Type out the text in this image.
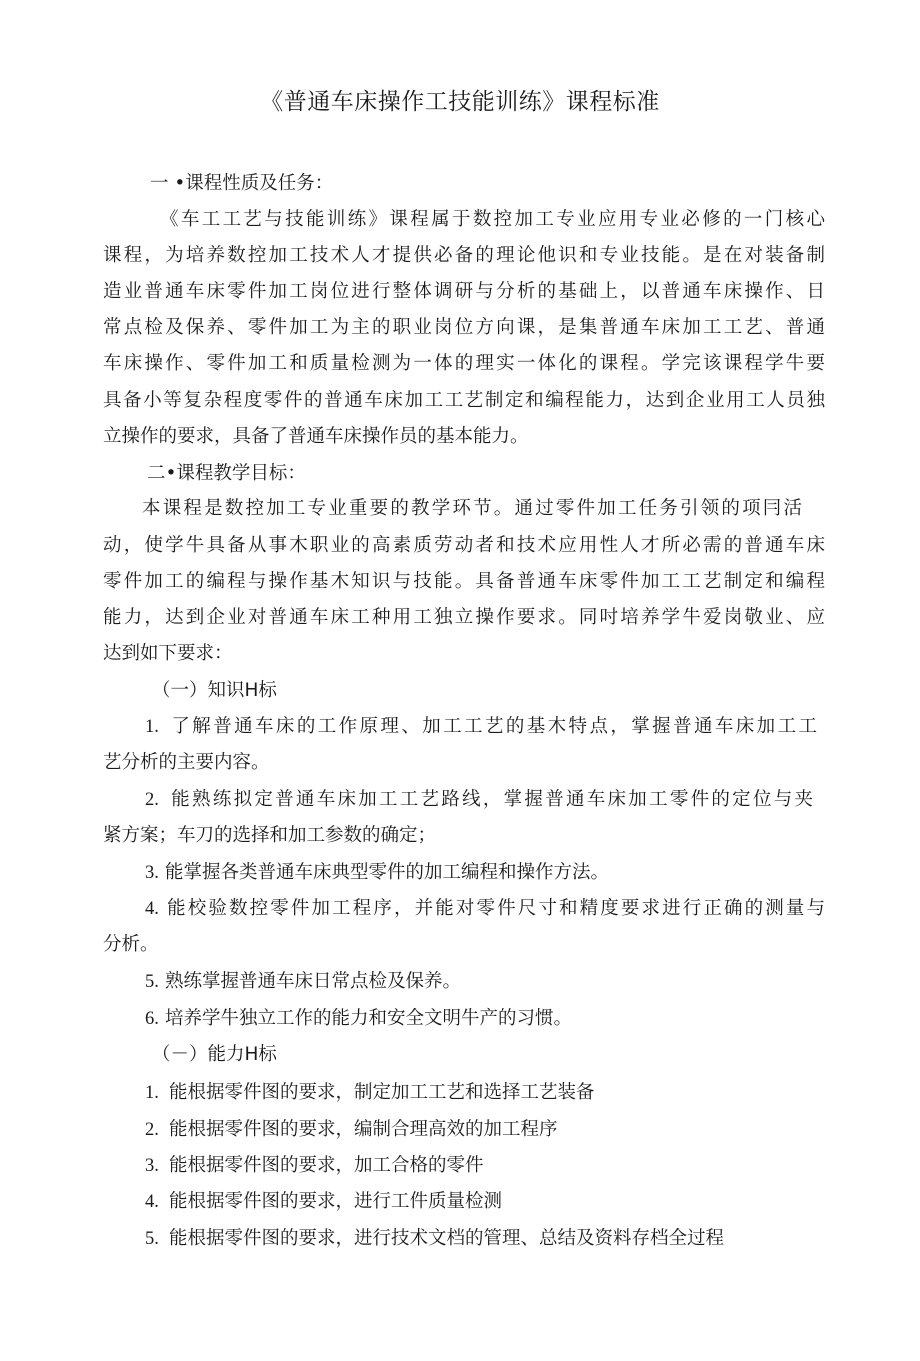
《普通车床操作工技能训练》课程标准
一 •课程性质及任务：
《车工工艺与技能训练》课程属于数控加工专业应用专业必修的一门核心
课程，为培养数控加工技术人才提供必备的理论他识和专业技能。是在对装备制
造业普通车床零件加工岗位进行整体调研与分析的基础上，以普通车床操作、日
常点检及保养、零件加工为主的职业岗位方向课，是集普通车床加工工艺、普通
车床操作、零件加工和质量检测为一体的理实一体化的课程。学完该课程学牛要
具备小等复杂程度零件的普通车床加工工艺制定和编程能力，达到企业用工人员独
立操作的要求，具备了普通车床操作员的基本能力。
二•课程教学目标：
本课程是数控加工专业重要的教学环节。通过零件加工任务引领的项冃活
动，使学牛具备从事木职业的高素质劳动者和技术应用性人才所必需的普通车床
零件加工的编程与操作基木知识与技能。具备普通车床零件加工工艺制定和编程
能力，达到企业对普通车床工种用工独立操作要求。同吋培养学牛爱岗敬业、应
达到如下要求：
（一）知识H标
1. 了解普通车床的工作原理、加工工艺的基木特点，掌握普通车床加工工
艺分析的主要内容。
2. 能熟练拟定普通车床加工工艺路线，掌握普通车床加工零件的定位与夹
紧方案；车刀的选择和加工参数的确定；
3. 能掌握各类普通车床典型零件的加工编程和操作方法。
4. 能校验数控零件加工程序，并能对零件尺寸和精度要求进行正确的测量与
分析。
5. 熟练掌握普通车床日常点检及保养。
6. 培养学牛独立工作的能力和安全文明牛产的习惯。
（－）能力H标
1. 能根据零件图的要求，制定加工工艺和选择工艺装备
2. 能根据零件图的要求，编制合理高效的加工程序
3. 能根据零件图的要求，加工合格的零件
4. 能根据零件图的要求，进行工件质量检测
5. 能根据零件图的要求，进行技术文档的管理、总结及资料存档全过程
